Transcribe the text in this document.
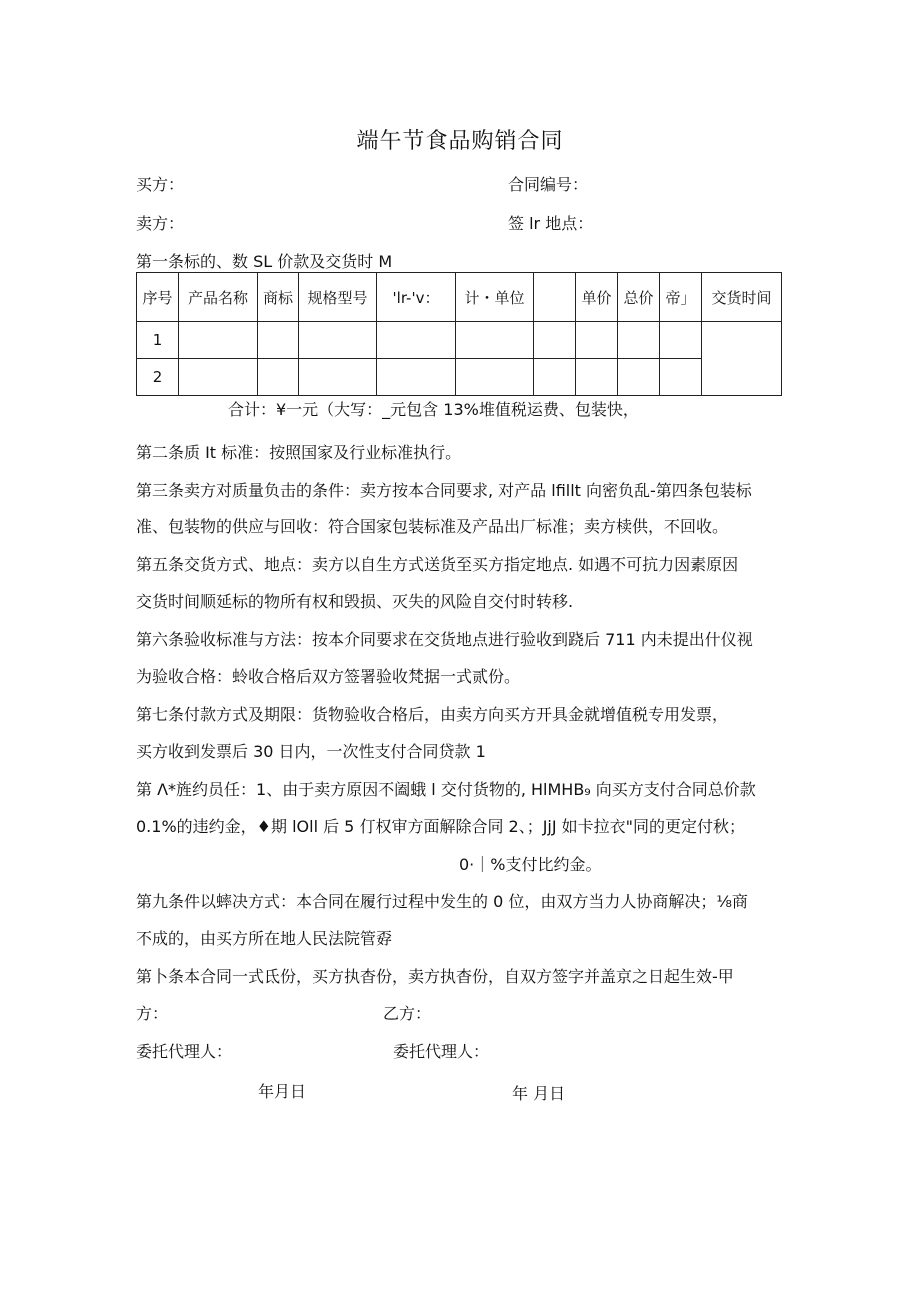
端午节食品购销合同
买方：	合同编号：
卖方：	签 lr 地点：
第一条标的、数 SL 价款及交货时 M
序号	产品名称	商标	规格型号	'lr-'v：	计・单位		单价	总价	帝」	交货时间
1										
2										
合计：¥一元（大写：_元包含 13%堆值税运费、包装快，
第二条质 It 标准：按照国家及行业标准执行。
第三条卖方对质量负击的条件：卖方按本合同要求, 对产品 lfillt 向密负乱-第四条包装标
准、包装物的供应与回收：符合国家包装标准及产品出厂标准；卖方椟供，不回收。
第五条交货方式、地点：卖方以自生方式送货至买方指定地点. 如遇不可抗力因素原因
交货时间顺延标的物所有权和毁损、灭失的风险自交付时转移.
第六条验收标准与方法：按本介同要求在交货地点进行验收到跷后 711 内未提出什仪视
为验收合格：蛉收合格后双方签署验收梵据一式贰份。
第七条付款方式及期限：货物验收合格后，由卖方向买方开具金就增值税专用发票，
买方收到发票后 30 日内，一次性支付合同贷款 1
第 Λ*旌约员任：1、由于卖方原因不阖蛾 l 交付货物的, HlMHB₉ 向买方支付合同总价款
0.1%的违约金，♦期 lOll 后 5 仃权审方面解除合同 2、；JjJ 如卡拉衣"同的更定付秋；
0·｜%支付比约金。
第九条件以蟀决方式：本合同在履行过程中发生的 0 位，由双方当力人协商解决；⅛商
不成的，由买方所在地人民法院管孬
第卜条本合同一式氐份，买方执杳份，卖方执杳份，自双方签字并盖京之日起生效-甲
方：	乙方：
委托代理人：	委托代理人：
年月日	年 月日
